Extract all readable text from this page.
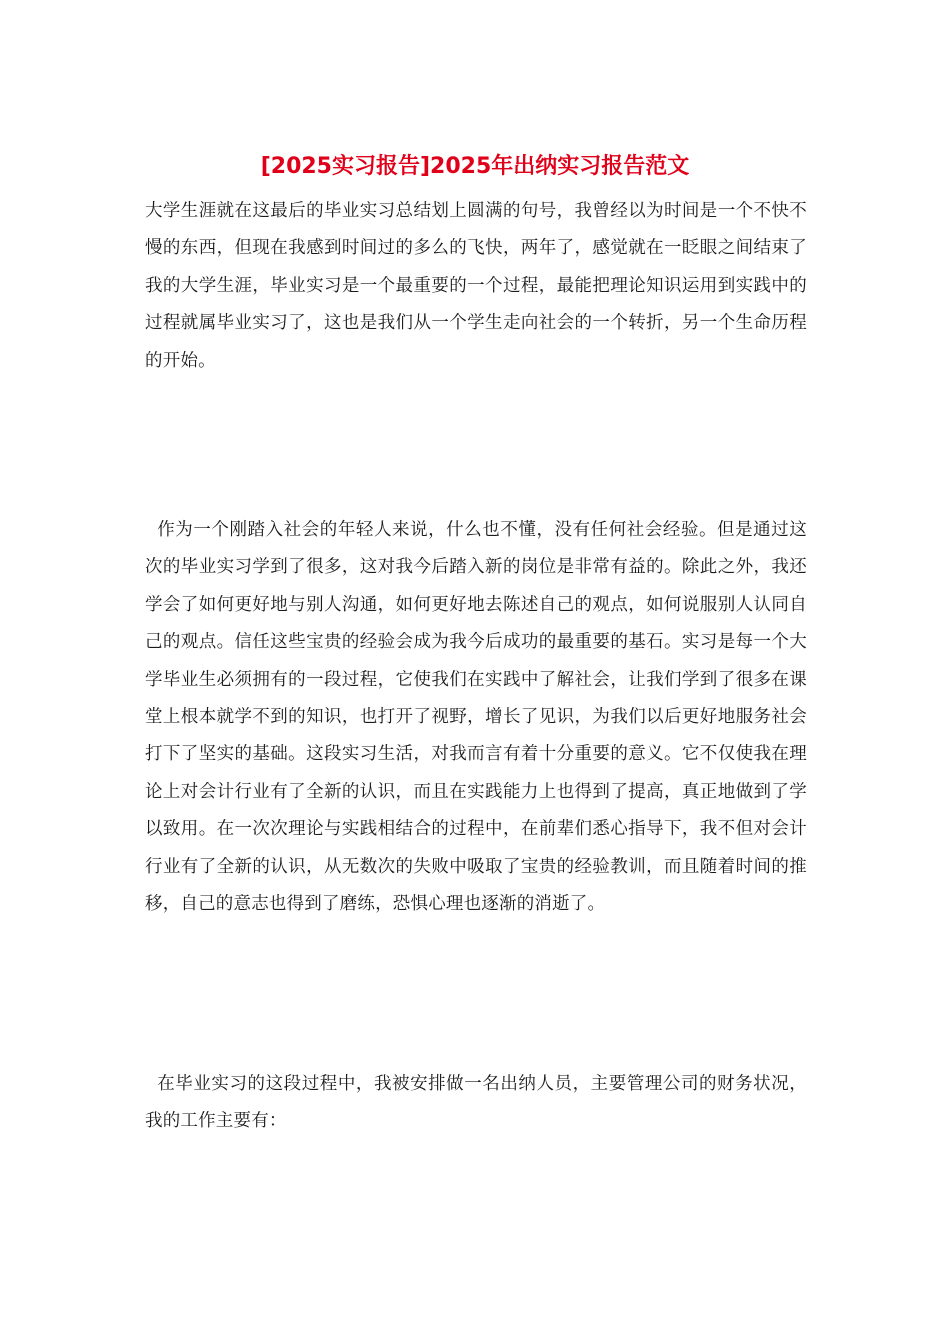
[2025实习报告]2025年出纳实习报告范文

大学生涯就在这最后的毕业实习总结划上圆满的句号，我曾经以为时间是一个不快不慢的东西，但现在我感到时间过的多么的飞快，两年了，感觉就在一眨眼之间结束了我的大学生涯，毕业实习是一个最重要的一个过程，最能把理论知识运用到实践中的过程就属毕业实习了，这也是我们从一个学生走向社会的一个转折，另一个生命历程的开始。

作为一个刚踏入社会的年轻人来说，什么也不懂，没有任何社会经验。但是通过这次的毕业实习学到了很多，这对我今后踏入新的岗位是非常有益的。除此之外，我还学会了如何更好地与别人沟通，如何更好地去陈述自己的观点，如何说服别人认同自己的观点。信任这些宝贵的经验会成为我今后成功的最重要的基石。实习是每一个大学毕业生必须拥有的一段过程，它使我们在实践中了解社会，让我们学到了很多在课堂上根本就学不到的知识，也打开了视野，增长了见识，为我们以后更好地服务社会打下了坚实的基础。这段实习生活，对我而言有着十分重要的意义。它不仅使我在理论上对会计行业有了全新的认识，而且在实践能力上也得到了提高，真正地做到了学以致用。在一次次理论与实践相结合的过程中，在前辈们悉心指导下，我不但对会计行业有了全新的认识，从无数次的失败中吸取了宝贵的经验教训，而且随着时间的推移，自己的意志也得到了磨练，恐惧心理也逐渐的消逝了。

在毕业实习的这段过程中，我被安排做一名出纳人员，主要管理公司的财务状况，我的工作主要有：
